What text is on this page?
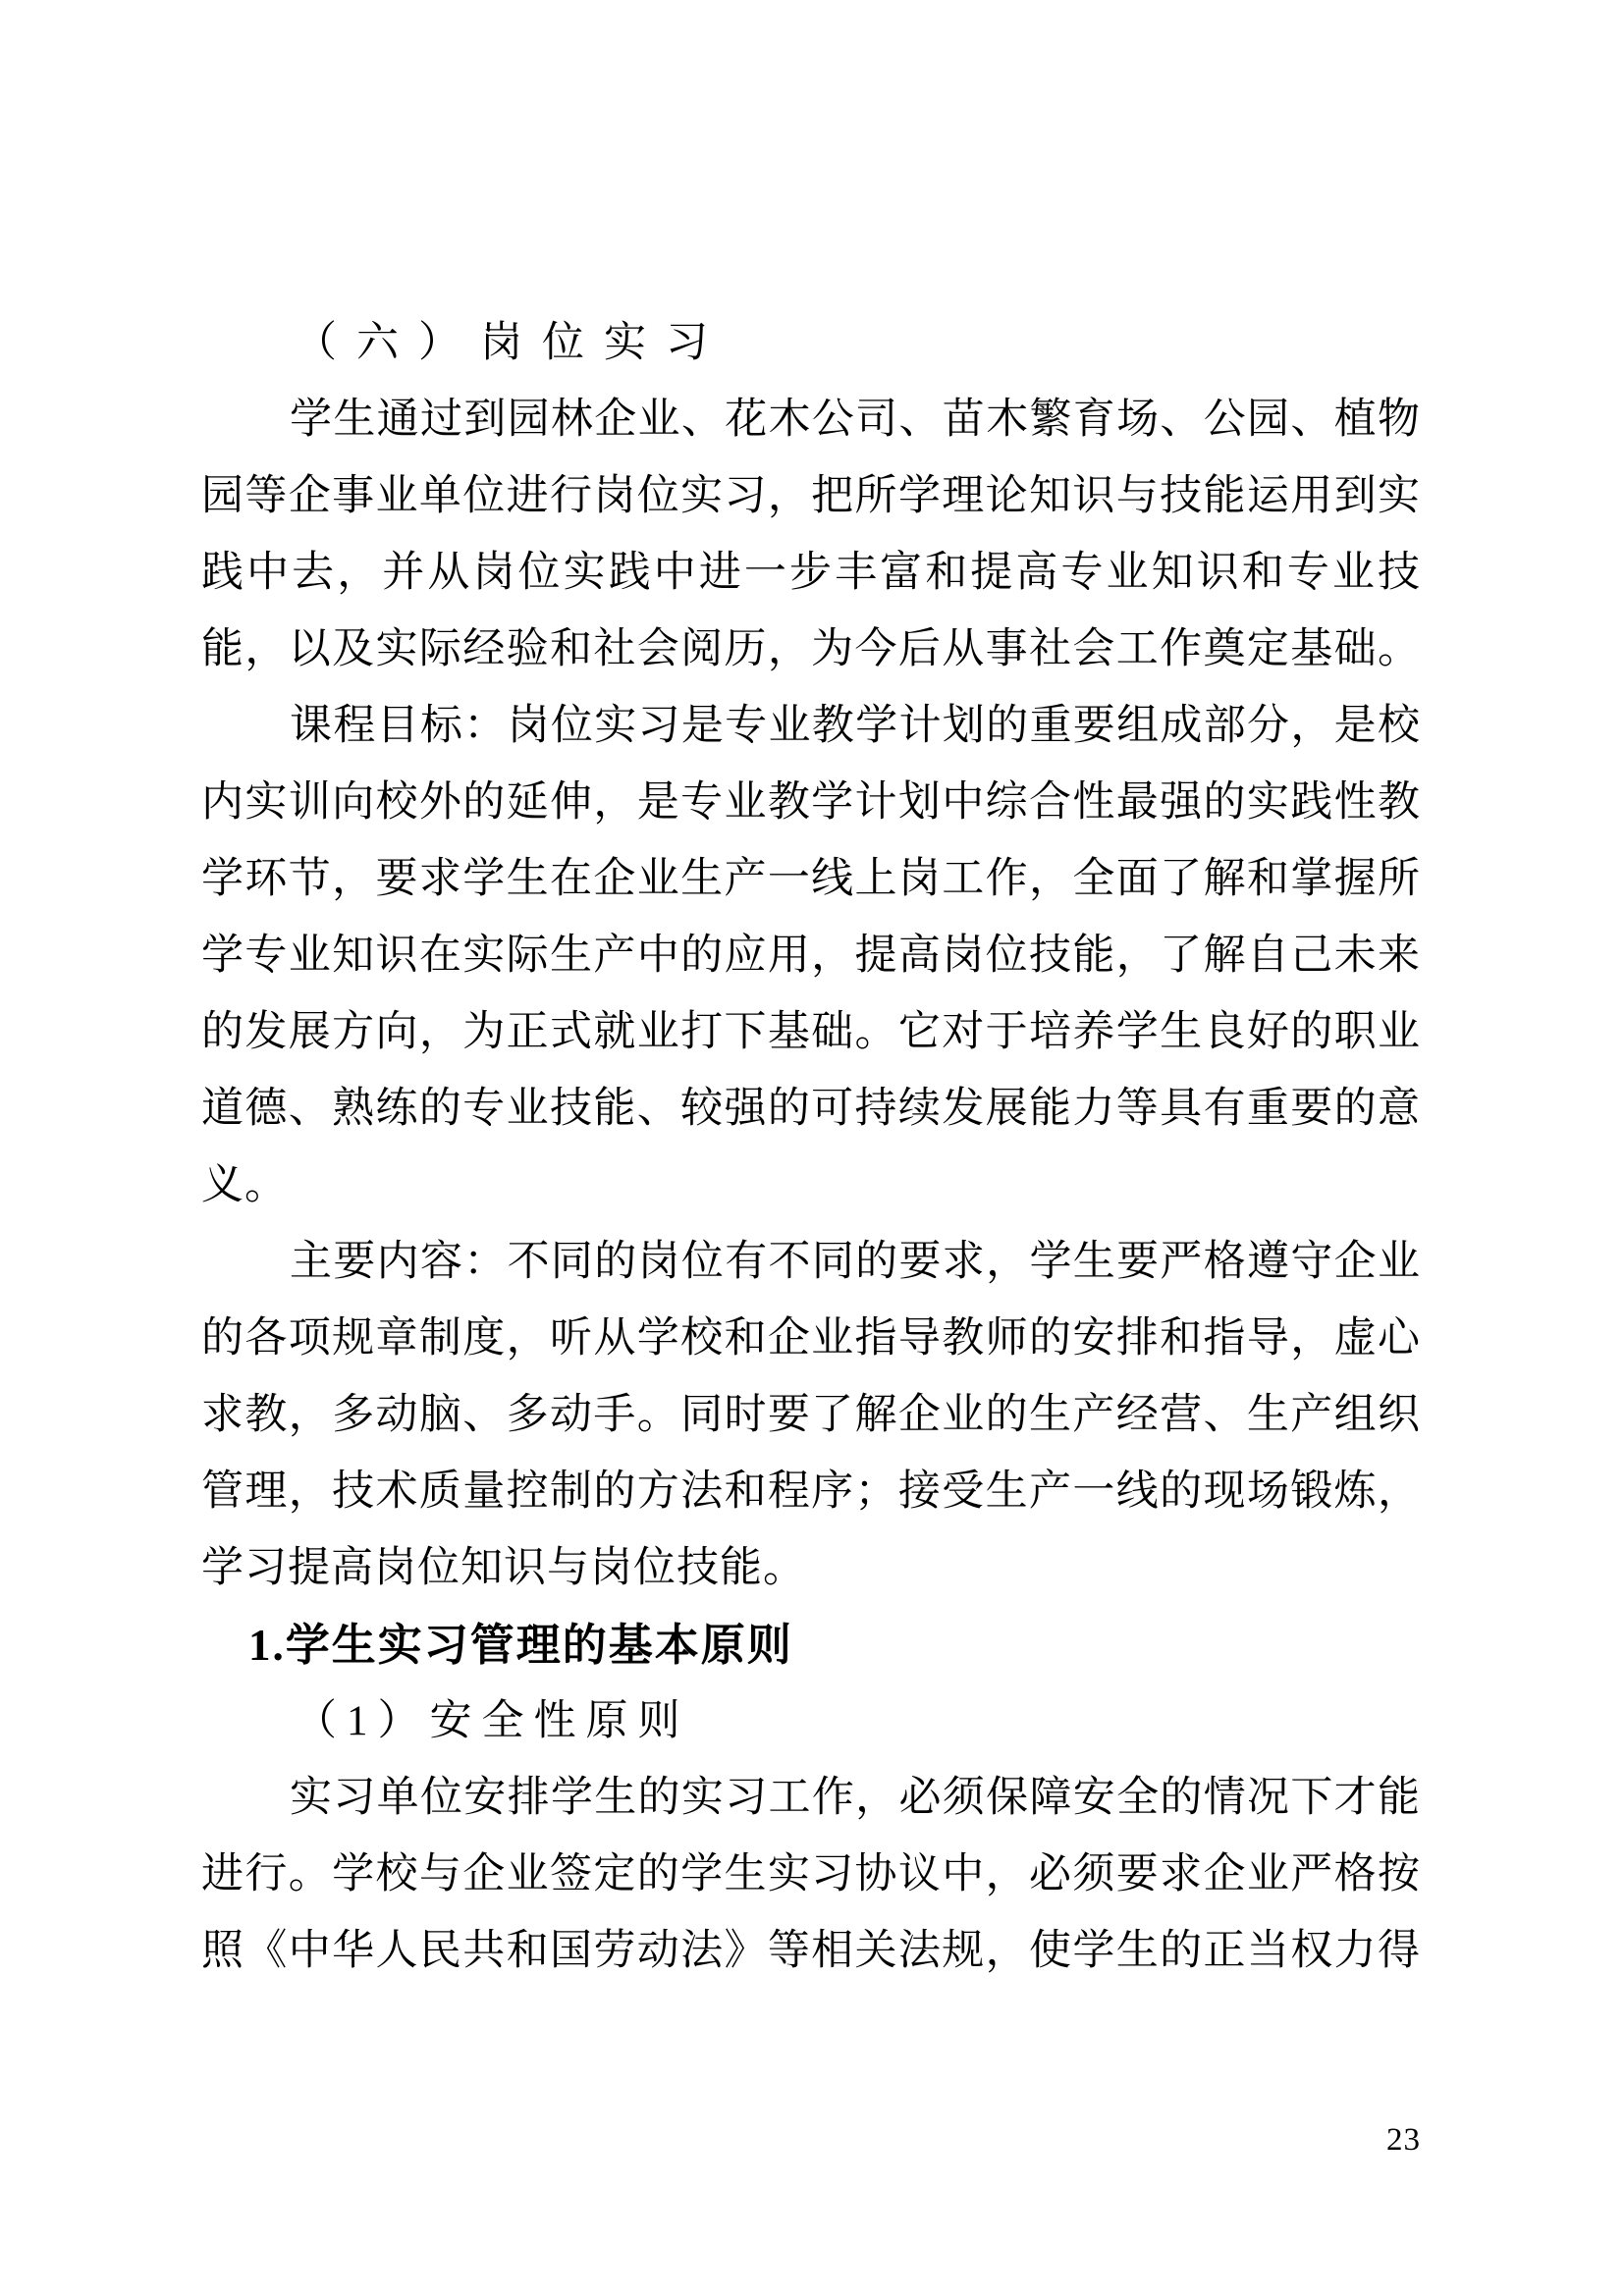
（六）岗位实习
学生通过到园林企业、花木公司、苗木繁育场、公园、植物
园等企事业单位进行岗位实习，把所学理论知识与技能运用到实
践中去，并从岗位实践中进一步丰富和提高专业知识和专业技
能，以及实际经验和社会阅历，为今后从事社会工作奠定基础。
课程目标：岗位实习是专业教学计划的重要组成部分，是校
内实训向校外的延伸，是专业教学计划中综合性最强的实践性教
学环节，要求学生在企业生产一线上岗工作，全面了解和掌握所
学专业知识在实际生产中的应用，提高岗位技能，了解自己未来
的发展方向，为正式就业打下基础。它对于培养学生良好的职业
道德、熟练的专业技能、较强的可持续发展能力等具有重要的意
义。
主要内容：不同的岗位有不同的要求，学生要严格遵守企业
的各项规章制度，听从学校和企业指导教师的安排和指导，虚心
求教，多动脑、多动手。同时要了解企业的生产经营、生产组织
管理，技术质量控制的方法和程序；接受生产一线的现场锻炼，
学习提高岗位知识与岗位技能。
1.学生实习管理的基本原则
（1）安全性原则
实习单位安排学生的实习工作，必须保障安全的情况下才能
进行。学校与企业签定的学生实习协议中，必须要求企业严格按
照《中华人民共和国劳动法》等相关法规，使学生的正当权力得
23
